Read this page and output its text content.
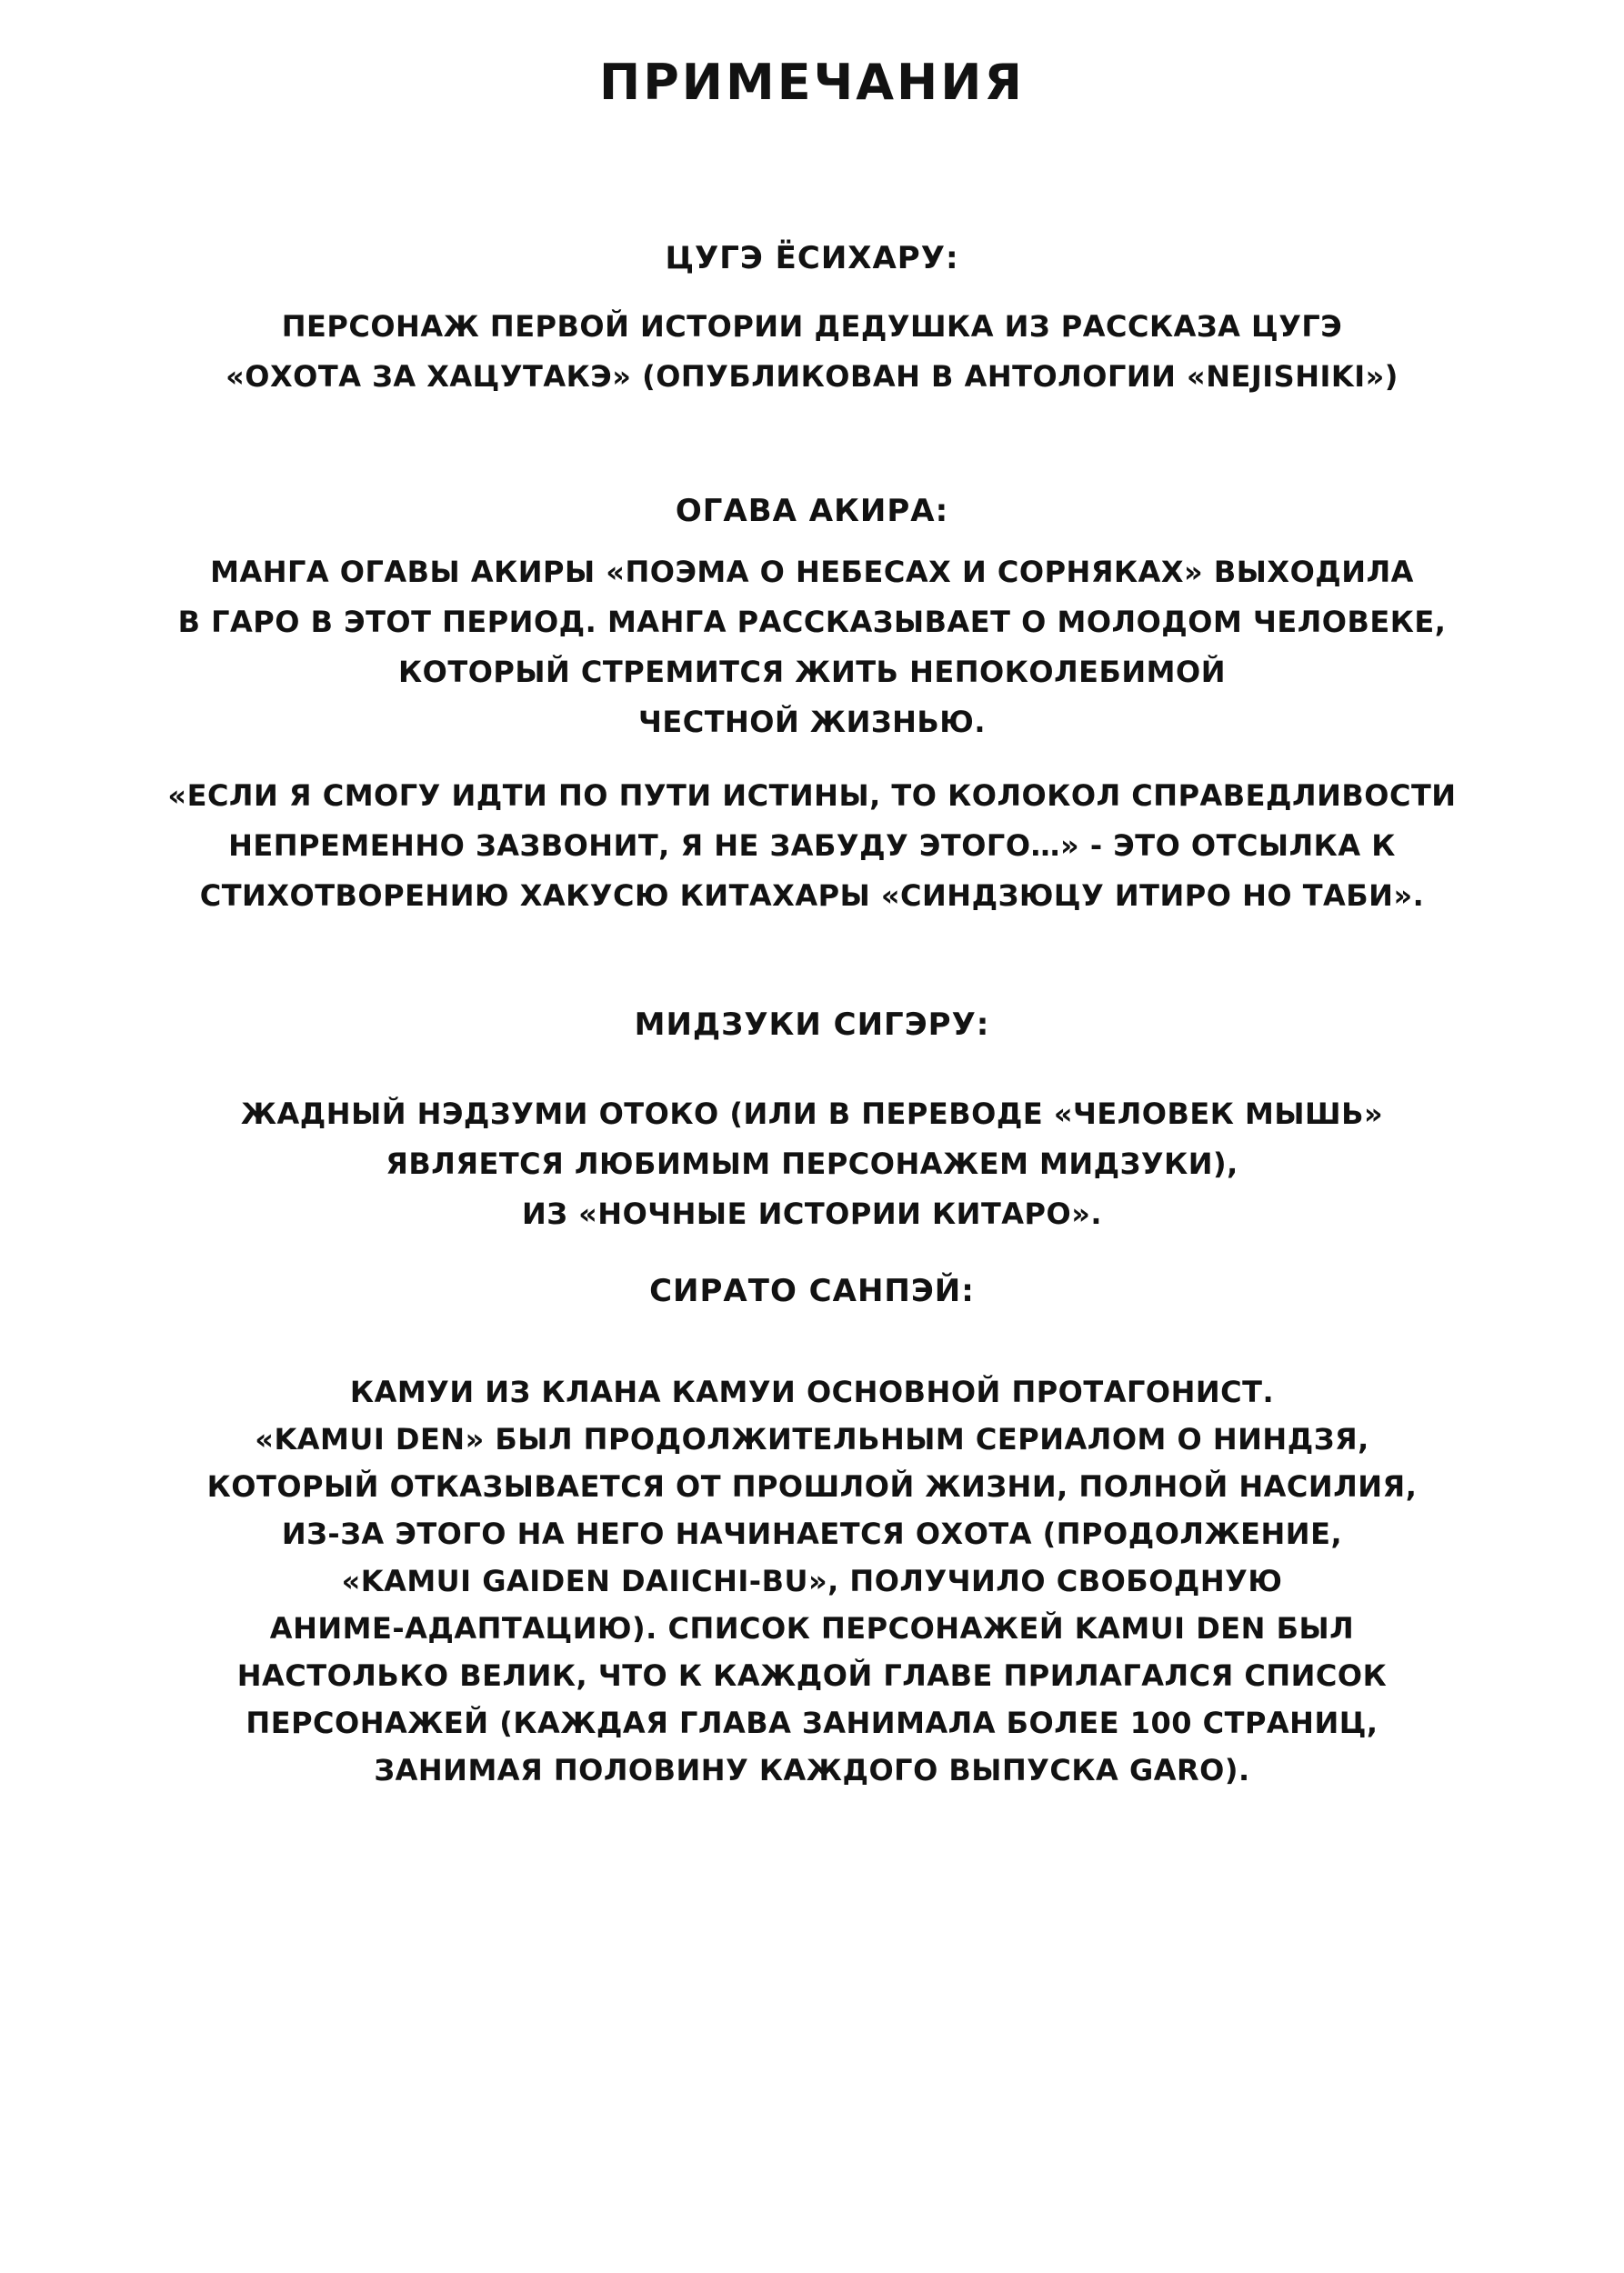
ПРИМЕЧАНИЯ
ЦУГЭ ЁСИХАРУ:
ПЕРСОНАЖ ПЕРВОЙ ИСТОРИИ ДЕДУШКА ИЗ РАССКАЗА ЦУГЭ
«ОХОТА ЗА ХАЦУТАКЭ» (ОПУБЛИКОВАН В АНТОЛОГИИ «NEJISHIKI»)
ОГАВА АКИРА:
МАНГА ОГАВЫ АКИРЫ «ПОЭМА О НЕБЕСАХ И СОРНЯКАХ» ВЫХОДИЛА
В ГАРО В ЭТОТ ПЕРИОД. МАНГА РАССКАЗЫВАЕТ О МОЛОДОМ ЧЕЛОВЕКЕ,
КОТОРЫЙ СТРЕМИТСЯ ЖИТЬ НЕПОКОЛЕБИМОЙ
ЧЕСТНОЙ ЖИЗНЬЮ.
«ЕСЛИ Я СМОГУ ИДТИ ПО ПУТИ ИСТИНЫ, ТО КОЛОКОЛ СПРАВЕДЛИВОСТИ
НЕПРЕМЕННО ЗАЗВОНИТ, Я НЕ ЗАБУДУ ЭТОГО…» - ЭТО ОТСЫЛКА К
СТИХОТВОРЕНИЮ ХАКУСЮ КИТАХАРЫ «СИНДЗЮЦУ ИТИРО НО ТАБИ».
МИДЗУКИ СИГЭРУ:
ЖАДНЫЙ НЭДЗУМИ ОТОКО (ИЛИ В ПЕРЕВОДЕ «ЧЕЛОВЕК МЫШЬ»
ЯВЛЯЕТСЯ ЛЮБИМЫМ ПЕРСОНАЖЕМ МИДЗУКИ),
ИЗ «НОЧНЫЕ ИСТОРИИ КИТАРО».
СИРАТО САНПЭЙ:
КАМУИ ИЗ КЛАНА КАМУИ ОСНОВНОЙ ПРОТАГОНИСТ.
«KAMUI DEN» БЫЛ ПРОДОЛЖИТЕЛЬНЫМ СЕРИАЛОМ О НИНДЗЯ,
КОТОРЫЙ ОТКАЗЫВАЕТСЯ ОТ ПРОШЛОЙ ЖИЗНИ, ПОЛНОЙ НАСИЛИЯ,
ИЗ-ЗА ЭТОГО НА НЕГО НАЧИНАЕТСЯ ОХОТА (ПРОДОЛЖЕНИЕ,
«KAMUI GAIDEN DAIICHI-BU», ПОЛУЧИЛО СВОБОДНУЮ
АНИМЕ-АДАПТАЦИЮ). СПИСОК ПЕРСОНАЖЕЙ KAMUI DEN БЫЛ
НАСТОЛЬКО ВЕЛИК, ЧТО К КАЖДОЙ ГЛАВЕ ПРИЛАГАЛСЯ СПИСОК
ПЕРСОНАЖЕЙ (КАЖДАЯ ГЛАВА ЗАНИМАЛА БОЛЕЕ 100 СТРАНИЦ,
ЗАНИМАЯ ПОЛОВИНУ КАЖДОГО ВЫПУСКА GARO).
